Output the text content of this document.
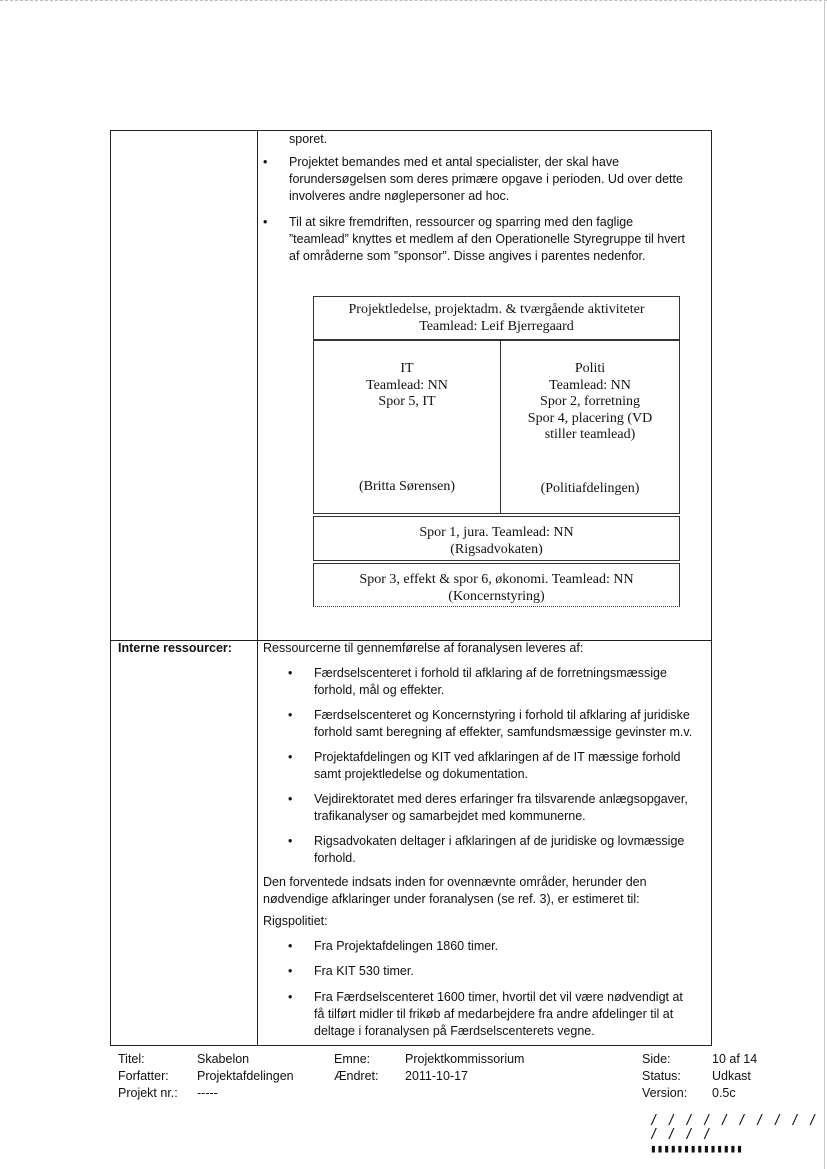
sporet.
• Projektet bemandes med et antal specialister, der skal have
forundersøgelsen som deres primære opgave i perioden. Ud over dette
involveres andre nøglepersoner ad hoc.
• Til at sikre fremdriften, ressourcer og sparring med den faglige
”teamlead” knyttes et medlem af den Operationelle Styregruppe til hvert
af områderne som ”sponsor”. Disse angives i parentes nedenfor.
Projektledelse, projektadm. & tværgående aktiviteter
Teamlead: Leif Bjerregaard
IT
Teamlead: NN
Spor 5, IT
(Britta Sørensen)
Politi
Teamlead: NN
Spor 2, forretning
Spor 4, placering (VD
stiller teamlead)
(Politiafdelingen)
Spor 1, jura. Teamlead: NN
(Rigsadvokaten)
Spor 3, effekt & spor 6, økonomi. Teamlead: NN
(Koncernstyring)
Interne ressourcer: Ressourcerne til gennemførelse af foranalysen leveres af:
• Færdselscenteret i forhold til afklaring af de forretningsmæssige
forhold, mål og effekter.
• Færdselscenteret og Koncernstyring i forhold til afklaring af juridiske
forhold samt beregning af effekter, samfundsmæssige gevinster m.v.
• Projektafdelingen og KIT ved afklaringen af de IT mæssige forhold
samt projektledelse og dokumentation.
• Vejdirektoratet med deres erfaringer fra tilsvarende anlægsopgaver,
trafikanalyser og samarbejdet med kommunerne.
• Rigsadvokaten deltager i afklaringen af de juridiske og lovmæssige
forhold.
Den forventede indsats inden for ovennævnte områder, herunder den
nødvendige afklaringer under foranalysen (se ref. 3), er estimeret til:
Rigspolitiet:
• Fra Projektafdelingen 1860 timer.
• Fra KIT 530 timer.
• Fra Færdselscenteret 1600 timer, hvortil det vil være nødvendigt at
få tilført midler til frikøb af medarbejdere fra andre afdelinger til at
deltage i foranalysen på Færdselscenterets vegne.
Titel:
Forfatter:
Projekt nr.:
Skabelon
Projektafdelingen
-----
Emne:
Ændret:
Projektkommissorium
2011-10-17
Side:
Status:
Version:
10 af 14
Udkast
0.5c
/ / / / / / / / / / / / / /
▮▮▮▮▮▮▮▮▮▮▮▮▮▮
